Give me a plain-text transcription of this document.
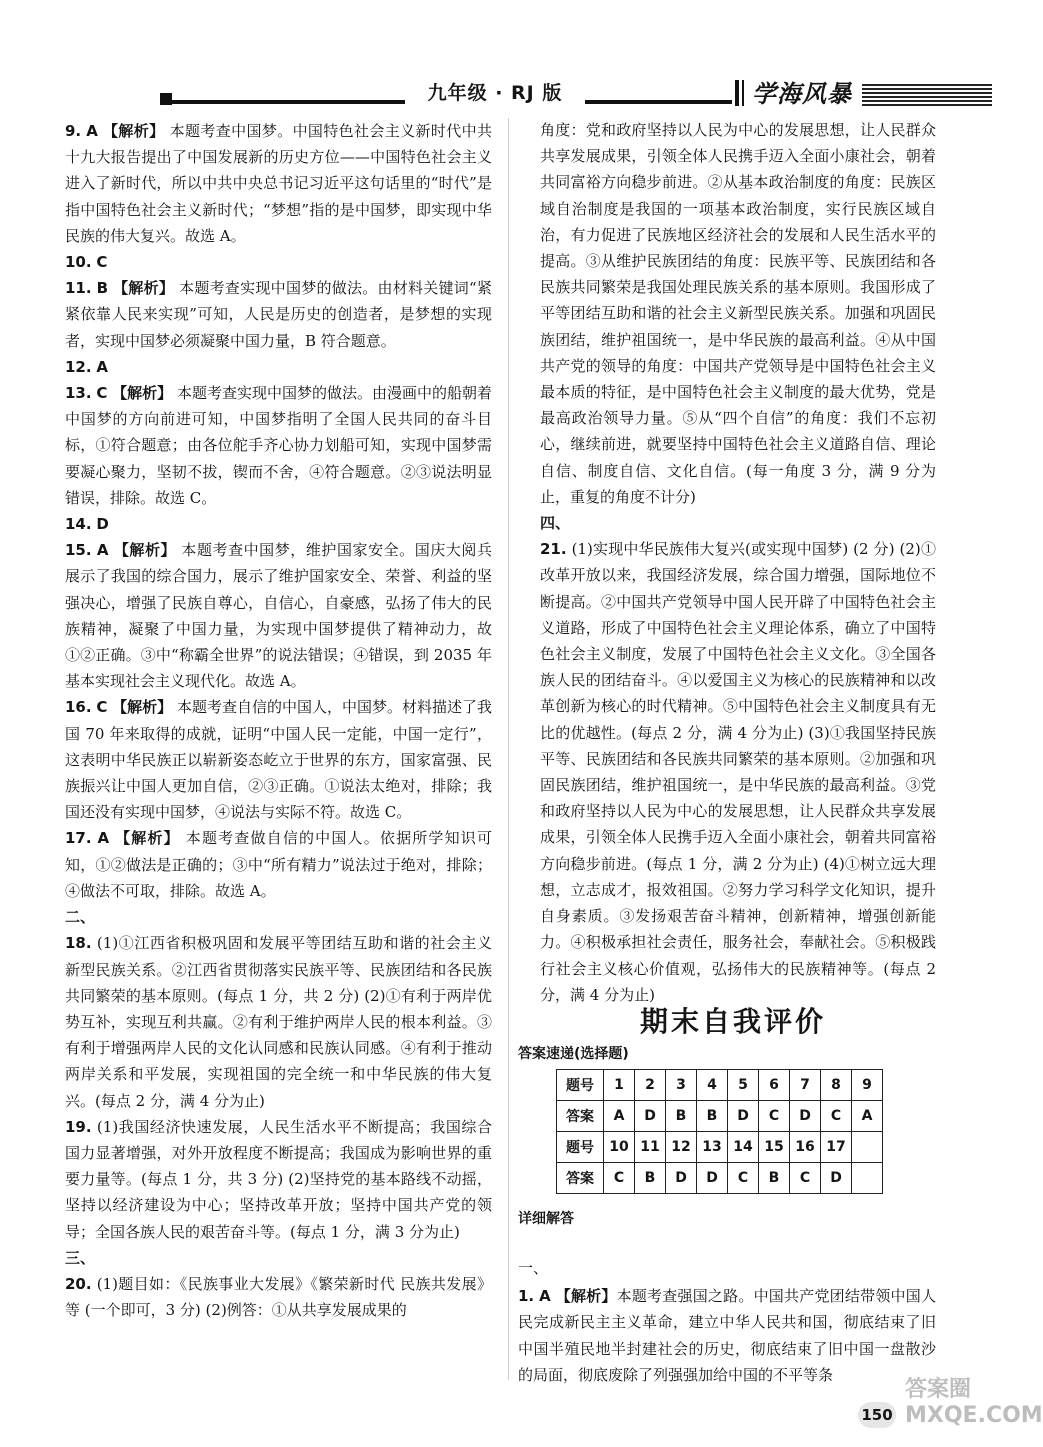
九年级 · RJ 版	学海风暴

9. A 【解析】 本题考查中国梦。中国特色社会主义新时代中共十九大报告提出了中国发展新的历史方位——中国特色社会主义进入了新时代，所以中共中央总书记习近平这句话里的“时代”是指中国特色社会主义新时代；“梦想”指的是中国梦，即实现中华民族的伟大复兴。故选 A。

10. C

11. B 【解析】 本题考查实现中国梦的做法。由材料关键词“紧紧依靠人民来实现”可知，人民是历史的创造者，是梦想的实现者，实现中国梦必须凝聚中国力量，B 符合题意。

12. A

13. C 【解析】 本题考查实现中国梦的做法。由漫画中的船朝着中国梦的方向前进可知，中国梦指明了全国人民共同的奋斗目标，①符合题意；由各位舵手齐心协力划船可知，实现中国梦需要凝心聚力，坚韧不拔，锲而不舍，④符合题意。②③说法明显错误，排除。故选 C。

14. D

15. A 【解析】 本题考查中国梦，维护国家安全。国庆大阅兵展示了我国的综合国力，展示了维护国家安全、荣誉、利益的坚强决心，增强了民族自尊心，自信心，自豪感，弘扬了伟大的民族精神，凝聚了中国力量，为实现中国梦提供了精神动力，故①②正确。③中“称霸全世界”的说法错误；④错误，到 2035 年基本实现社会主义现代化。故选 A。

16. C 【解析】 本题考查自信的中国人，中国梦。材料描述了我国 70 年来取得的成就，证明“中国人民一定能，中国一定行”，这表明中华民族正以崭新姿态屹立于世界的东方，国家富强、民族振兴让中国人更加自信，②③正确。①说法太绝对，排除；我国还没有实现中国梦，④说法与实际不符。故选 C。

17. A 【解析】 本题考查做自信的中国人。依据所学知识可知，①②做法是正确的；③中“所有精力”说法过于绝对，排除；④做法不可取，排除。故选 A。

二、

18. (1)①江西省积极巩固和发展平等团结互助和谐的社会主义新型民族关系。②江西省贯彻落实民族平等、民族团结和各民族共同繁荣的基本原则。(每点 1 分，共 2 分) (2)①有利于两岸优势互补，实现互利共赢。②有利于维护两岸人民的根本利益。③有利于增强两岸人民的文化认同感和民族认同感。④有利于推动两岸关系和平发展，实现祖国的完全统一和中华民族的伟大复兴。(每点 2 分，满 4 分为止)

19. (1)我国经济快速发展，人民生活水平不断提高；我国综合国力显著增强，对外开放程度不断提高；我国成为影响世界的重要力量等。(每点 1 分，共 3 分) (2)坚持党的基本路线不动摇，坚持以经济建设为中心；坚持改革开放；坚持中国共产党的领导；全国各族人民的艰苦奋斗等。(每点 1 分，满 3 分为止)

三、

20. (1)题目如：《民族事业大发展》《繁荣新时代 民族共发展》等 (一个即可，3 分) (2)例答：①从共享发展成果的

角度：党和政府坚持以人民为中心的发展思想，让人民群众共享发展成果，引领全体人民携手迈入全面小康社会，朝着共同富裕方向稳步前进。②从基本政治制度的角度：民族区域自治制度是我国的一项基本政治制度，实行民族区域自治，有力促进了民族地区经济社会的发展和人民生活水平的提高。③从维护民族团结的角度：民族平等、民族团结和各民族共同繁荣是我国处理民族关系的基本原则。我国形成了平等团结互助和谐的社会主义新型民族关系。加强和巩固民族团结，维护祖国统一，是中华民族的最高利益。④从中国共产党的领导的角度：中国共产党领导是中国特色社会主义最本质的特征，是中国特色社会主义制度的最大优势，党是最高政治领导力量。⑤从“四个自信”的角度：我们不忘初心，继续前进，就要坚持中国特色社会主义道路自信、理论自信、制度自信、文化自信。(每一角度 3 分，满 9 分为止，重复的角度不计分)

四、

21. (1)实现中华民族伟大复兴(或实现中国梦) (2 分) (2)①改革开放以来，我国经济发展，综合国力增强，国际地位不断提高。②中国共产党领导中国人民开辟了中国特色社会主义道路，形成了中国特色社会主义理论体系，确立了中国特色社会主义制度，发展了中国特色社会主义文化。③全国各族人民的团结奋斗。④以爱国主义为核心的民族精神和以改革创新为核心的时代精神。⑤中国特色社会主义制度具有无比的优越性。(每点 2 分，满 4 分为止) (3)①我国坚持民族平等、民族团结和各民族共同繁荣的基本原则。②加强和巩固民族团结，维护祖国统一，是中华民族的最高利益。③党和政府坚持以人民为中心的发展思想，让人民群众共享发展成果，引领全体人民携手迈入全面小康社会，朝着共同富裕方向稳步前进。(每点 1 分，满 2 分为止) (4)①树立远大理想，立志成才，报效祖国。②努力学习科学文化知识，提升自身素质。③发扬艰苦奋斗精神，创新精神，增强创新能力。④积极承担社会责任，服务社会，奉献社会。⑤积极践行社会主义核心价值观，弘扬伟大的民族精神等。(每点 2 分，满 4 分为止)

期末自我评价
答案速递(选择题)
题号	1	2	3	4	5	6	7	8	9
答案	A	D	B	B	D	C	D	C	A
题号	10	11	12	13	14	15	16	17	
答案	C	B	D	D	C	B	C	D	
详细解答

一、

1. A 【解析】本题考查强国之路。中国共产党团结带领中国人民完成新民主主义革命，建立中华人民共和国，彻底结束了旧中国半殖民地半封建社会的历史，彻底结束了旧中国一盘散沙的局面，彻底废除了列强强加给中国的不平等条

150
答案圈 MXQE.COM
